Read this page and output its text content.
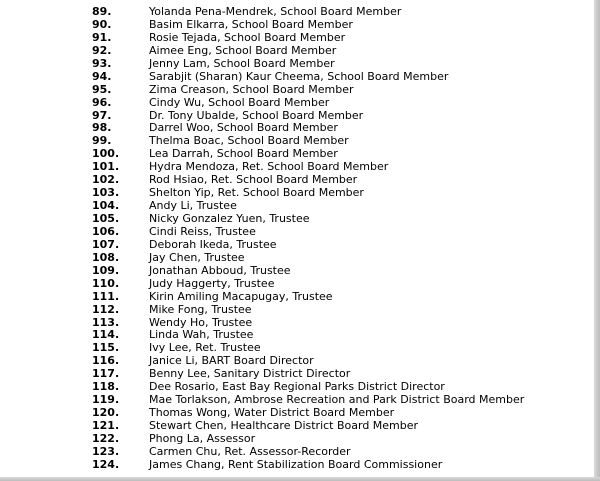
89.	Yolanda Pena-Mendrek, School Board Member
90.	Basim Elkarra, School Board Member
91.	Rosie Tejada, School Board Member
92.	Aimee Eng, School Board Member
93.	Jenny Lam, School Board Member
94.	Sarabjit (Sharan) Kaur Cheema, School Board Member
95.	Zima Creason, School Board Member
96.	Cindy Wu, School Board Member
97.	Dr. Tony Ubalde, School Board Member
98.	Darrel Woo, School Board Member
99.	Thelma Boac, School Board Member
100.	Lea Darrah, School Board Member
101.	Hydra Mendoza, Ret. School Board Member
102.	Rod Hsiao, Ret. School Board Member
103.	Shelton Yip, Ret. School Board Member
104.	Andy Li, Trustee
105.	Nicky Gonzalez Yuen, Trustee
106.	Cindi Reiss, Trustee
107.	Deborah Ikeda, Trustee
108.	Jay Chen, Trustee
109.	Jonathan Abboud, Trustee
110.	Judy Haggerty, Trustee
111.	Kirin Amiling Macapugay, Trustee
112.	Mike Fong, Trustee
113.	Wendy Ho, Trustee
114.	Linda Wah, Trustee
115.	Ivy Lee, Ret. Trustee
116.	Janice Li, BART Board Director
117.	Benny Lee, Sanitary District Director
118.	Dee Rosario, East Bay Regional Parks District Director
119.	Mae Torlakson, Ambrose Recreation and Park District Board Member
120.	Thomas Wong, Water District Board Member
121.	Stewart Chen, Healthcare District Board Member
122.	Phong La, Assessor
123.	Carmen Chu, Ret. Assessor-Recorder
124.	James Chang, Rent Stabilization Board Commissioner
